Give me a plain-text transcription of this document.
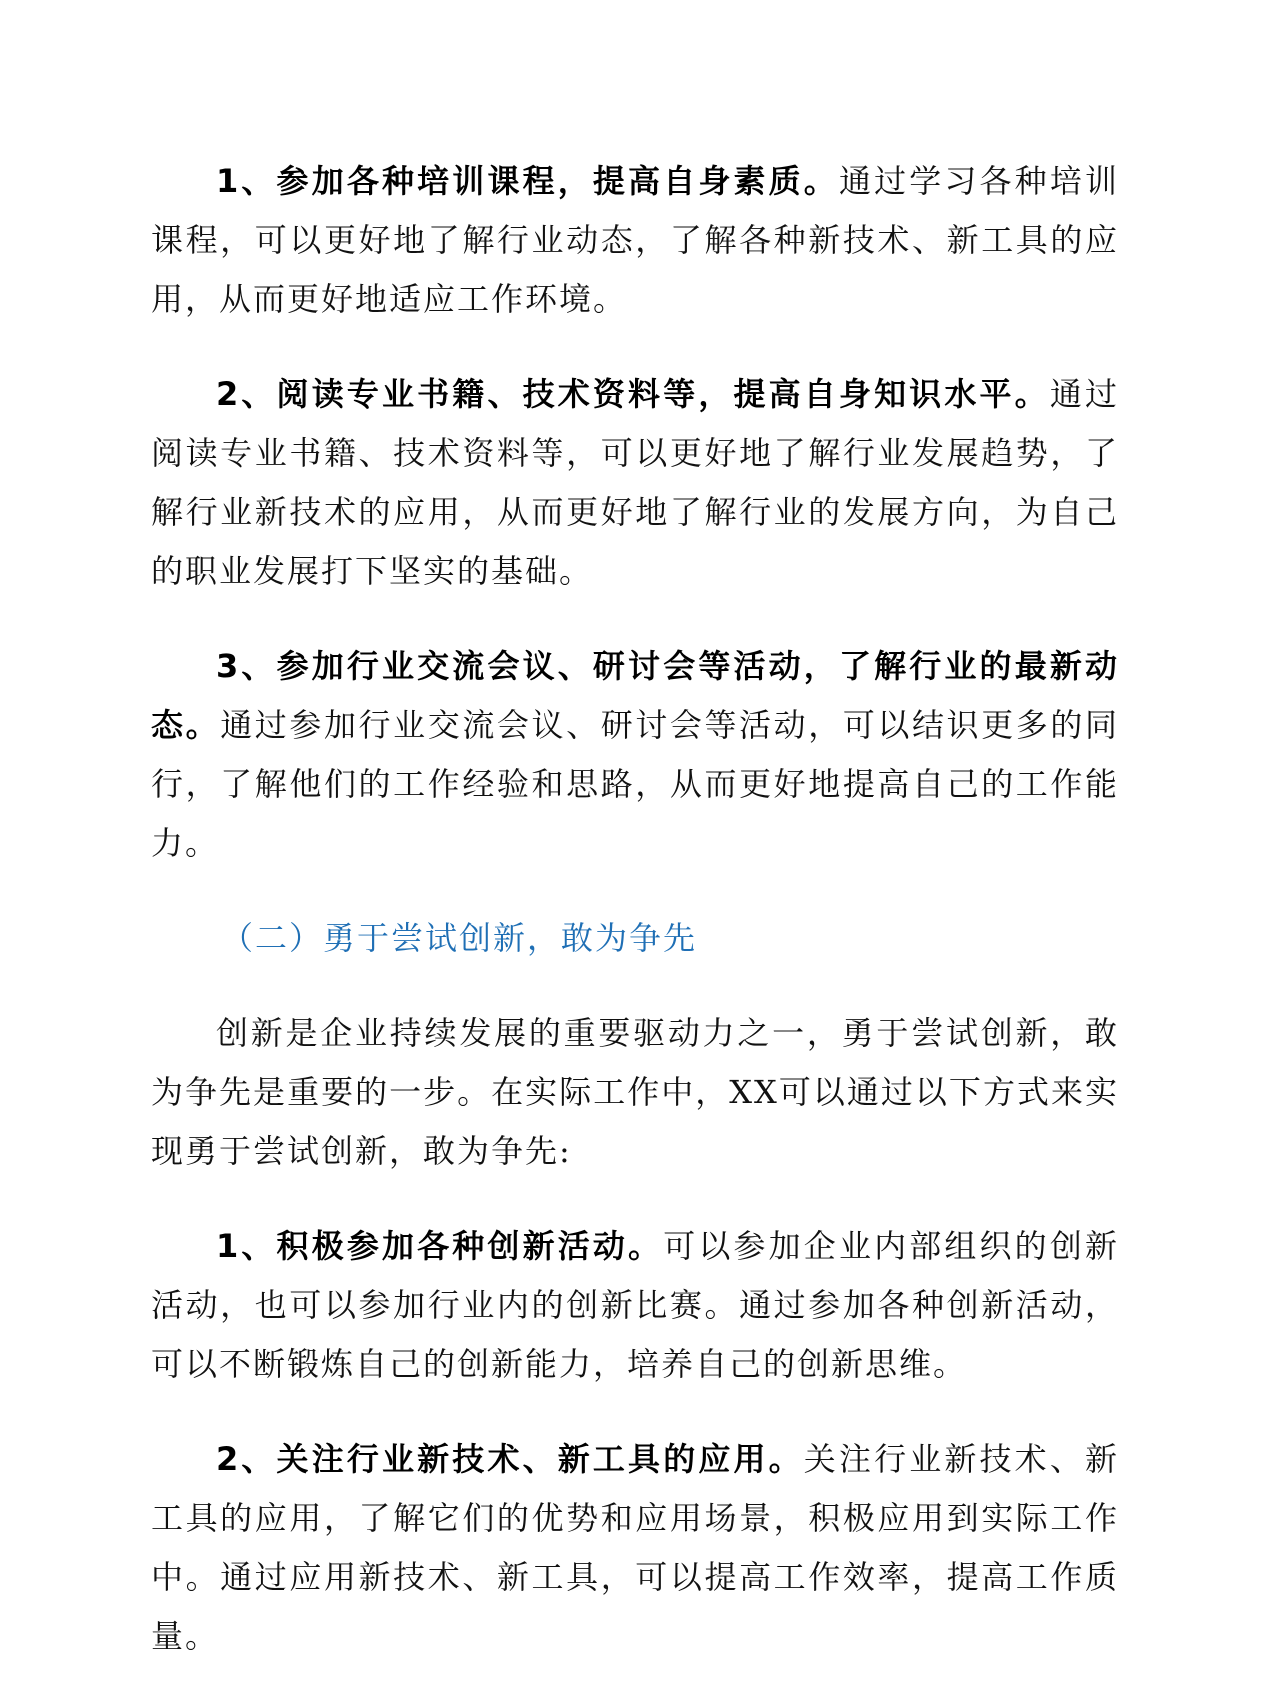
1、参加各种培训课程，提高自身素质。通过学习各种培训课程，可以更好地了解行业动态，了解各种新技术、新工具的应用，从而更好地适应工作环境。

2、阅读专业书籍、技术资料等，提高自身知识水平。通过阅读专业书籍、技术资料等，可以更好地了解行业发展趋势，了解行业新技术的应用，从而更好地了解行业的发展方向，为自己的职业发展打下坚实的基础。

3、参加行业交流会议、研讨会等活动，了解行业的最新动态。通过参加行业交流会议、研讨会等活动，可以结识更多的同行，了解他们的工作经验和思路，从而更好地提高自己的工作能力。

（二）勇于尝试创新，敢为争先

创新是企业持续发展的重要驱动力之一，勇于尝试创新，敢为争先是重要的一步。在实际工作中，XX可以通过以下方式来实现勇于尝试创新，敢为争先:

1、积极参加各种创新活动。可以参加企业内部组织的创新活动，也可以参加行业内的创新比赛。通过参加各种创新活动，可以不断锻炼自己的创新能力，培养自己的创新思维。

2、关注行业新技术、新工具的应用。关注行业新技术、新工具的应用，了解它们的优势和应用场景，积极应用到实际工作中。通过应用新技术、新工具，可以提高工作效率，提高工作质量。
